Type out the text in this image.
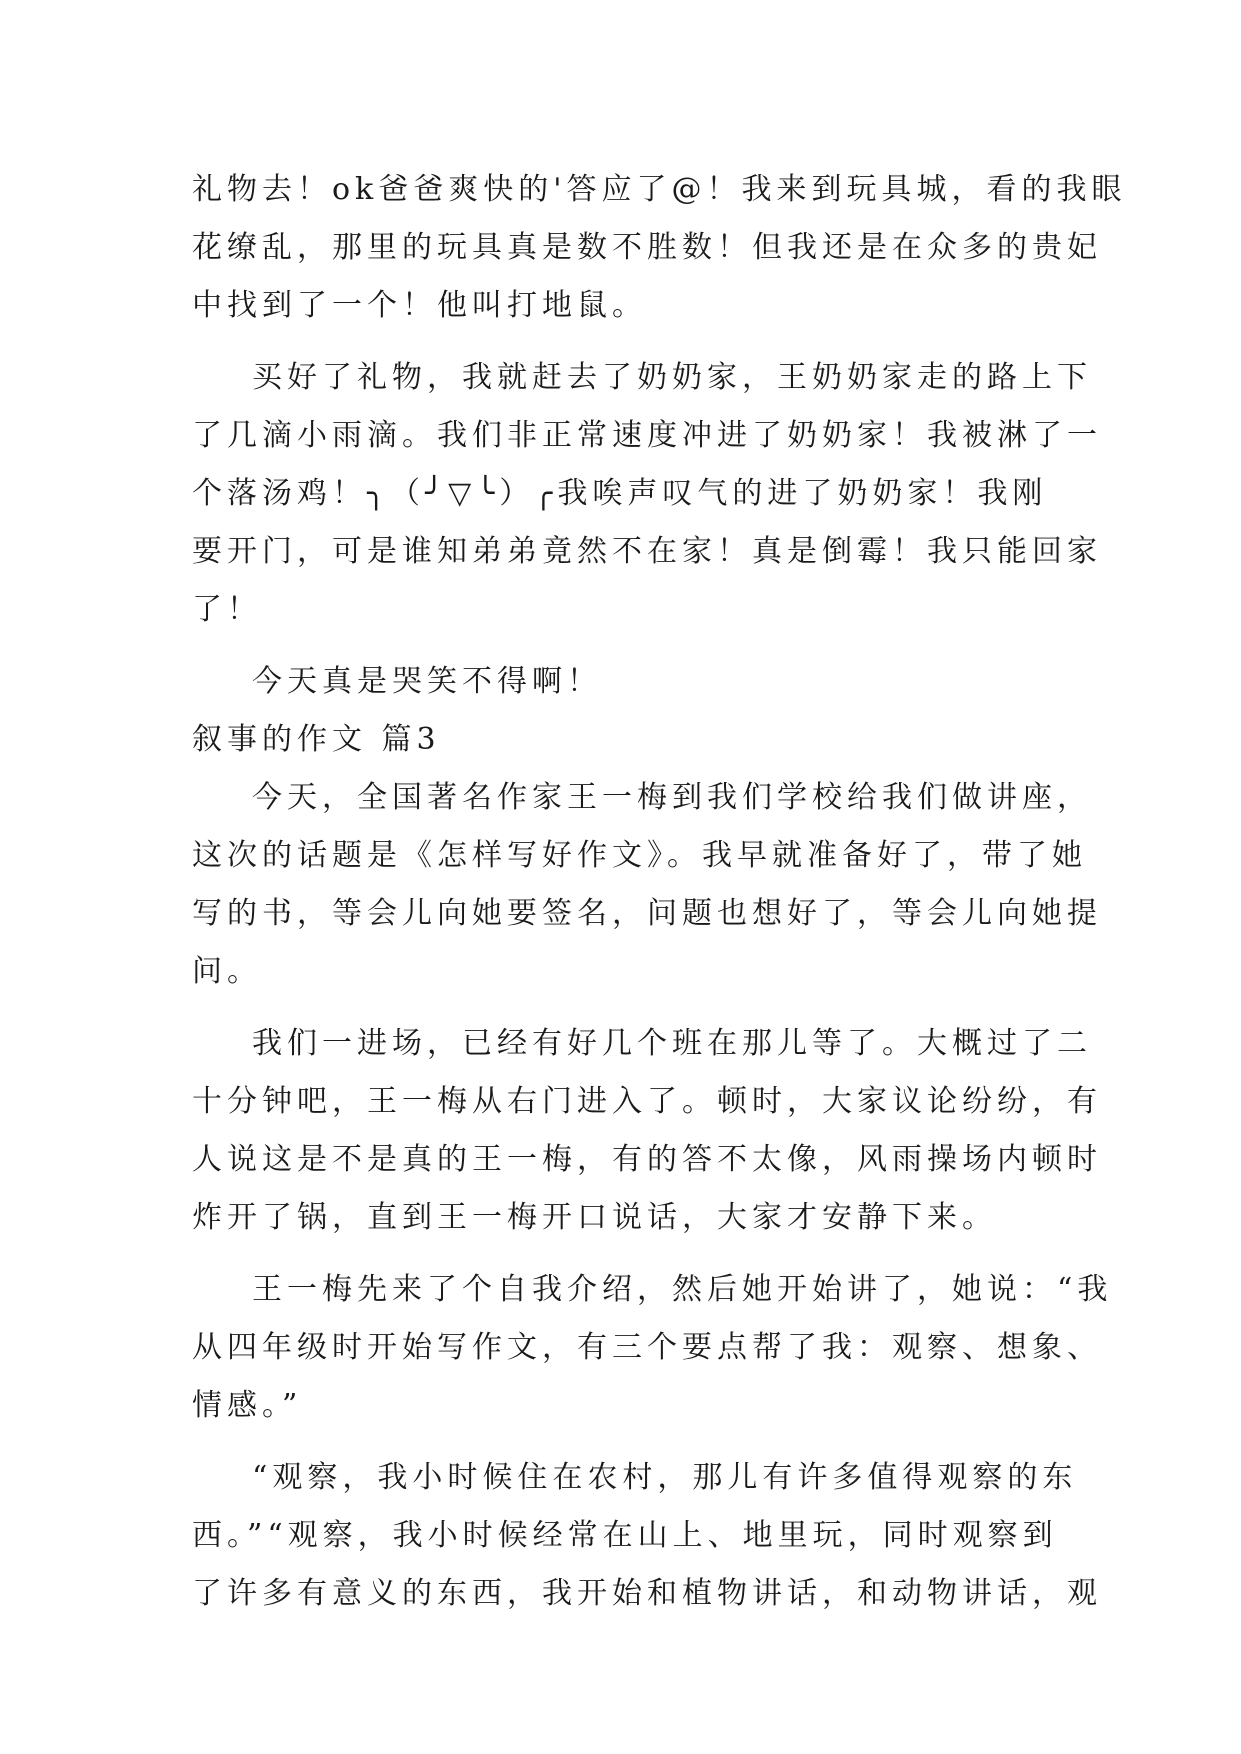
礼物去！ok爸爸爽快的'答应了@！我来到玩具城，看的我眼
花缭乱，那里的玩具真是数不胜数！但我还是在众多的贵妃
中找到了一个！他叫打地鼠。
买好了礼物，我就赶去了奶奶家，王奶奶家走的路上下
了几滴小雨滴。我们非正常速度冲进了奶奶家！我被淋了一
个落汤鸡！╮（╯▽╰）╭我唉声叹气的进了奶奶家！我刚
要开门，可是谁知弟弟竟然不在家！真是倒霉！我只能回家
了！
今天真是哭笑不得啊！
叙事的作文 篇3
今天，全国著名作家王一梅到我们学校给我们做讲座，
这次的话题是《怎样写好作文》。我早就准备好了，带了她
写的书，等会儿向她要签名，问题也想好了，等会儿向她提
问。
我们一进场，已经有好几个班在那儿等了。大概过了二
十分钟吧，王一梅从右门进入了。顿时，大家议论纷纷，有
人说这是不是真的王一梅，有的答不太像，风雨操场内顿时
炸开了锅，直到王一梅开口说话，大家才安静下来。
王一梅先来了个自我介绍，然后她开始讲了，她说：“我
从四年级时开始写作文，有三个要点帮了我：观察、想象、
情感。”
“观察，我小时候住在农村，那儿有许多值得观察的东
西。”“观察，我小时候经常在山上、地里玩，同时观察到
了许多有意义的东西，我开始和植物讲话，和动物讲话，观
